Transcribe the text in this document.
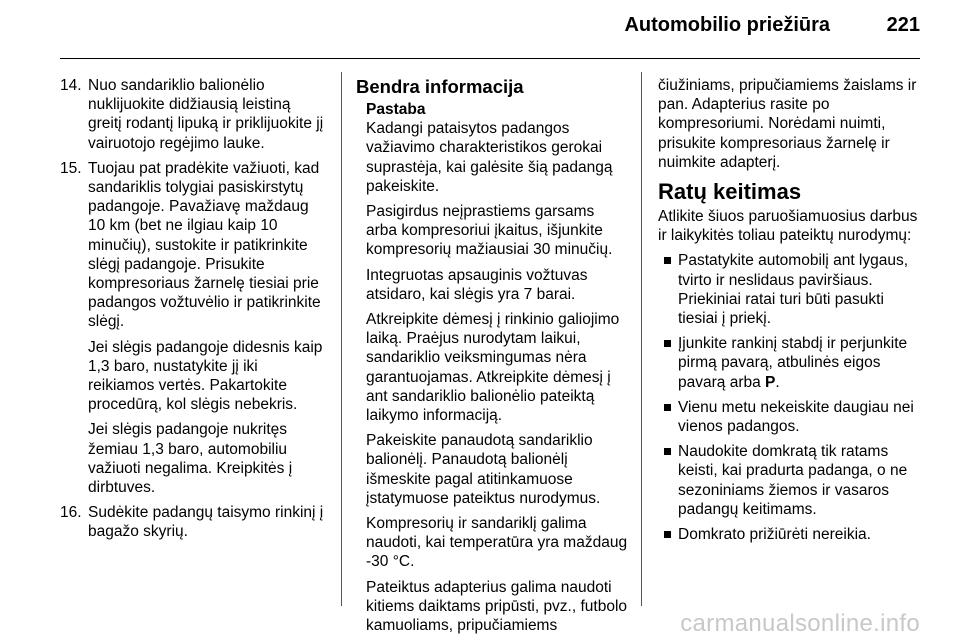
Automobilio priežiūra	221
14. Nuo sandariklio balionėlio nuklijuokite didžiausią leistiną greitį rodantį lipuką ir priklijuokite jį vairuotojo regėjimo lauke.

15. Tuojau pat pradėkite važiuoti, kad sandariklis tolygiai pasiskirstytų padangoje. Pavažiavę maždaug 10 km (bet ne ilgiau kaip 10 minučių), sustokite ir patikrinkite slėgį padangoje. Prisukite kompresoriaus žarnelę tiesiai prie padangos vožtuvėlio ir patikrinkite slėgį.

Jei slėgis padangoje didesnis kaip 1,3 baro, nustatykite jį iki reikiamos vertės. Pakartokite procedūrą, kol slėgis nebekris.

Jei slėgis padangoje nukritęs žemiau 1,3 baro, automobiliu važiuoti negalima. Kreipkitės į dirbtuves.

16. Sudėkite padangų taisymo rinkinį į bagažo skyrių.

Bendra informacija
Pastaba

Kadangi pataisytos padangos važiavimo charakteristikos gerokai suprastėja, kai galėsite šią padangą pakeiskite.

Pasigirdus neįprastiems garsams arba kompresoriui įkaitus, išjunkite kompresorių mažiausiai 30 minučių.

Integruotas apsauginis vožtuvas atsidaro, kai slėgis yra 7 barai.

Atkreipkite dėmesį į rinkinio galiojimo laiką. Praėjus nurodytam laikui, sandariklio veiksmingumas nėra garantuojamas. Atkreipkite dėmesį į ant sandariklio balionėlio pateiktą laikymo informaciją.

Pakeiskite panaudotą sandariklio balionėlį. Panaudotą balionėlį išmeskite pagal atitinkamuose įstatymuose pateiktus nurodymus.

Kompresorių ir sandariklį galima naudoti, kai temperatūra yra maždaug -30 °C.

Pateiktus adapterius galima naudoti kitiems daiktams pripūsti, pvz., futbolo kamuoliams, pripučiamiems

čiužiniams, pripučiamiems žaislams ir pan. Adapterius rasite po kompresoriumi. Norėdami nuimti, prisukite kompresoriaus žarnelę ir nuimkite adapterį.

Ratų keitimas

Atlikite šiuos paruošiamuosius darbus ir laikykitės toliau pateiktų nurodymų:

Pastatykite automobilį ant lygaus, tvirto ir neslidaus paviršiaus. Priekiniai ratai turi būti pasukti tiesiai į priekį.
Įjunkite rankinį stabdį ir perjunkite pirmą pavarą, atbulinės eigos pavarą arba P.
Vienu metu nekeiskite daugiau nei vienos padangos.
Naudokite domkratą tik ratams keisti, kai pradurta padanga, o ne sezoniniams žiemos ir vasaros padangų keitimams.
Domkrato prižiūrėti nereikia.
carmanualsonline.info
